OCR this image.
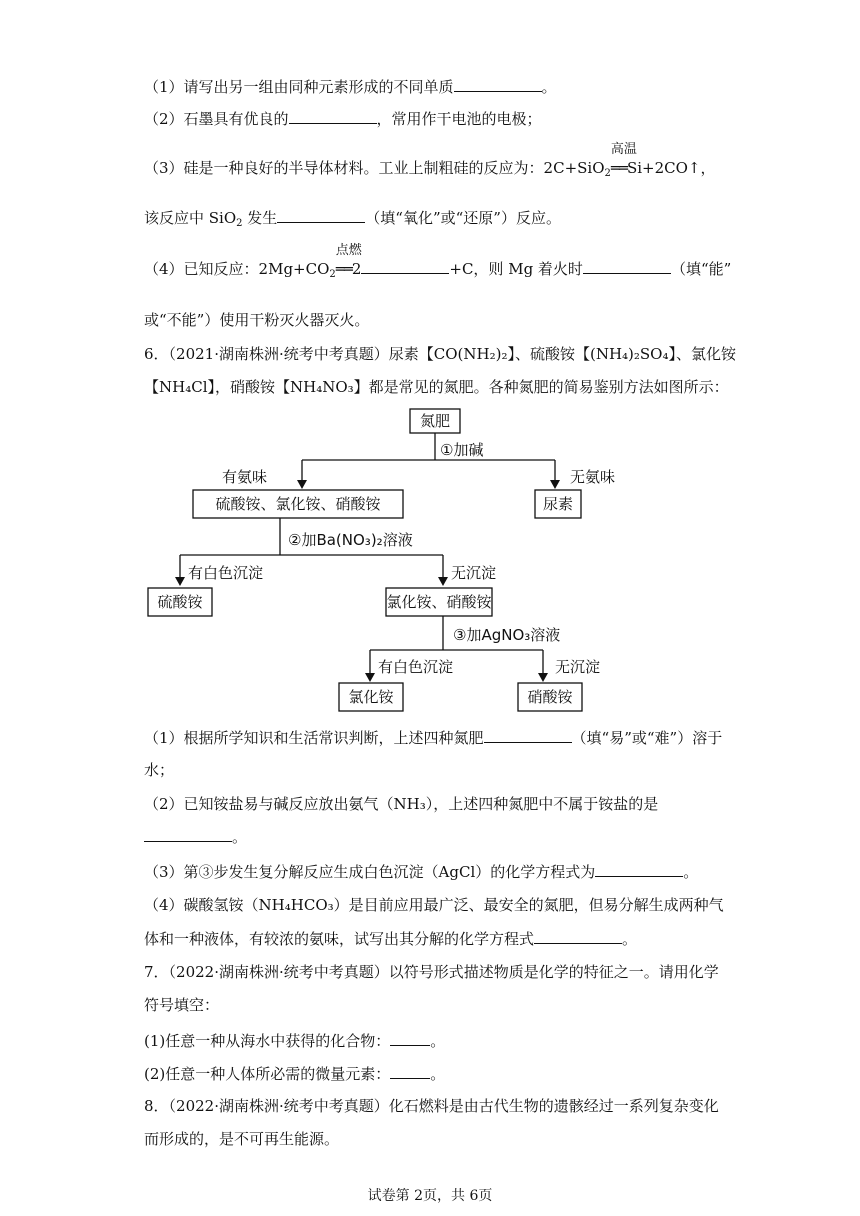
（1）请写出另一组由同种元素形成的不同单质	。
（2）石墨具有优良的	，常用作干电池的电极；
（3）硅是一种良好的半导体材料。工业上制粗硅的反应为：2C+SiO$_2$
高温
══Si+2CO↑，
该反应中 SiO$_2$ 发生	（填“氧化”或“还原”）反应。
（4）已知反应：$2Mg+CO_2$
点燃
══2	+C，则 Mg 着火时	（填“能”
或“不能”）使用干粉灭火器灭火。
6．（2021·湖南株洲·统考中考真题）尿素【CO(NH₂)₂】、硫酸铵【(NH₄)₂SO₄】、氯化铵
【NH₄Cl】，硝酸铵【NH₄NO₃】都是常见的氮肥。各种氮肥的简易鉴别方法如图所示：
氮肥
①加碱
有氨味	无氨味
硫酸铵、氯化铵、硝酸铵	尿素
②加Ba(NO₃)₂溶液
有白色沉淀	无沉淀
硫酸铵	氯化铵、硝酸铵
③加AgNO₃溶液
有白色沉淀	无沉淀
氯化铵	硝酸铵
（1）根据所学知识和生活常识判断，上述四种氮肥	（填“易”或“难”）溶于
水；
（2）已知铵盐易与碱反应放出氨气（NH₃），上述四种氮肥中不属于铵盐的是
。
（3）第③步发生复分解反应生成白色沉淀（AgCl）的化学方程式为	。
（4）碳酸氢铵（NH₄HCO₃）是目前应用最广泛、最安全的氮肥，但易分解生成两种气
体和一种液体，有较浓的氨味，试写出其分解的化学方程式	。
7．（2022·湖南株洲·统考中考真题）以符号形式描述物质是化学的特征之一。请用化学
符号填空：
(1)任意一种从海水中获得的化合物：	。
(2)任意一种人体所必需的微量元素：	。
8．（2022·湖南株洲·统考中考真题）化石燃料是由古代生物的遗骸经过一系列复杂变化
而形成的，是不可再生能源。
试卷第 2页，共 6页
